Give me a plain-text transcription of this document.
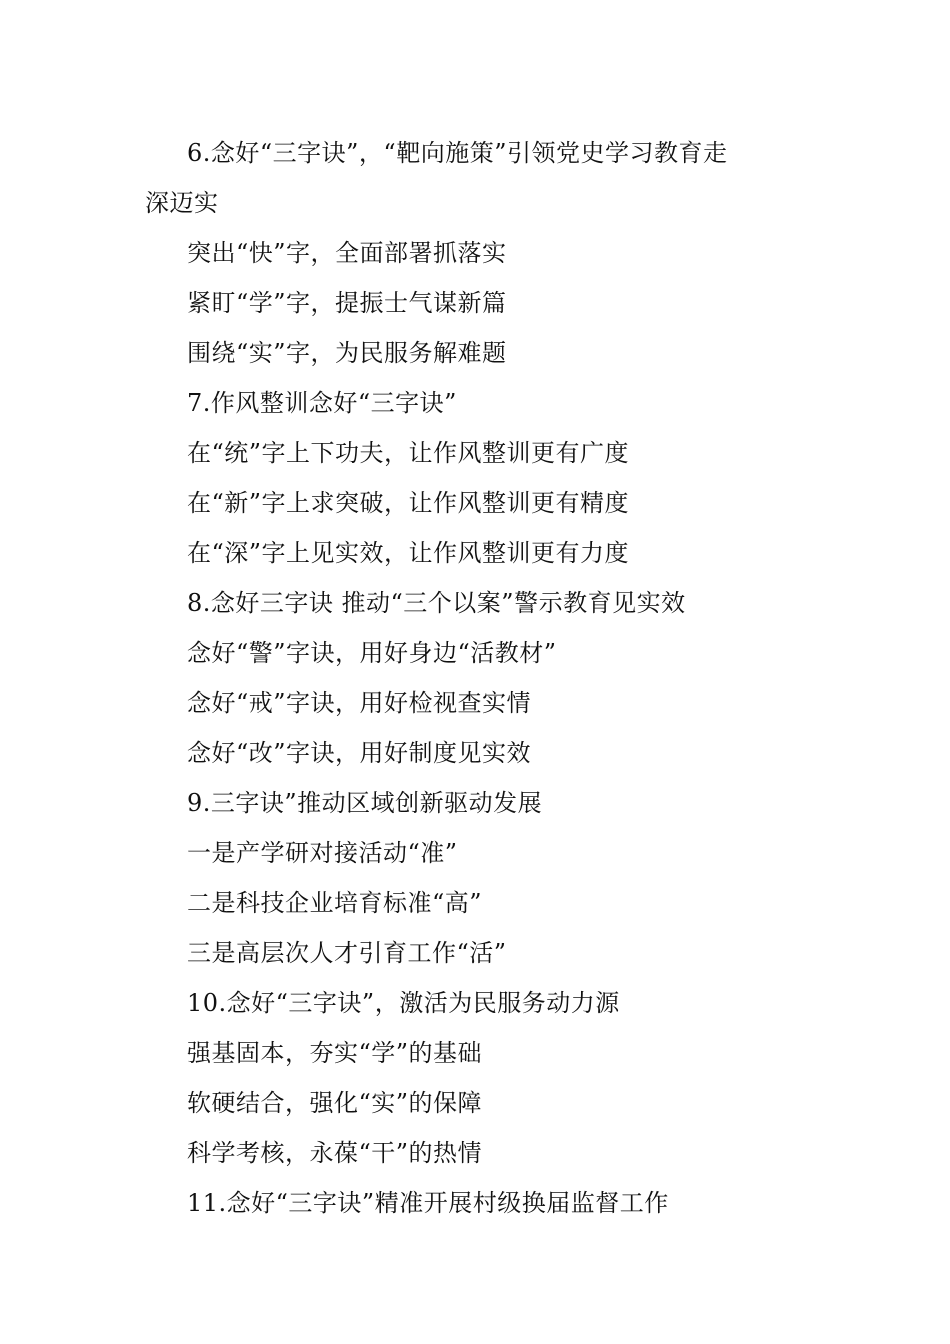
6.念好“三字诀”，“靶向施策”引领党史学习教育走
深迈实
突出“快”字，全面部署抓落实
紧盯“学”字，提振士气谋新篇
围绕“实”字，为民服务解难题
7.作风整训念好“三字诀”
在“统”字上下功夫，让作风整训更有广度
在“新”字上求突破，让作风整训更有精度
在“深”字上见实效，让作风整训更有力度
8.念好三字诀 推动“三个以案”警示教育见实效
念好“警”字诀，用好身边“活教材”
念好“戒”字诀，用好检视查实情
念好“改”字诀，用好制度见实效
9.三字诀”推动区域创新驱动发展
一是产学研对接活动“准”
二是科技企业培育标准“高”
三是高层次人才引育工作“活”
10.念好“三字诀”，激活为民服务动力源
强基固本，夯实“学”的基础
软硬结合，强化“实”的保障
科学考核，永葆“干”的热情
11.念好“三字诀”精准开展村级换届监督工作
